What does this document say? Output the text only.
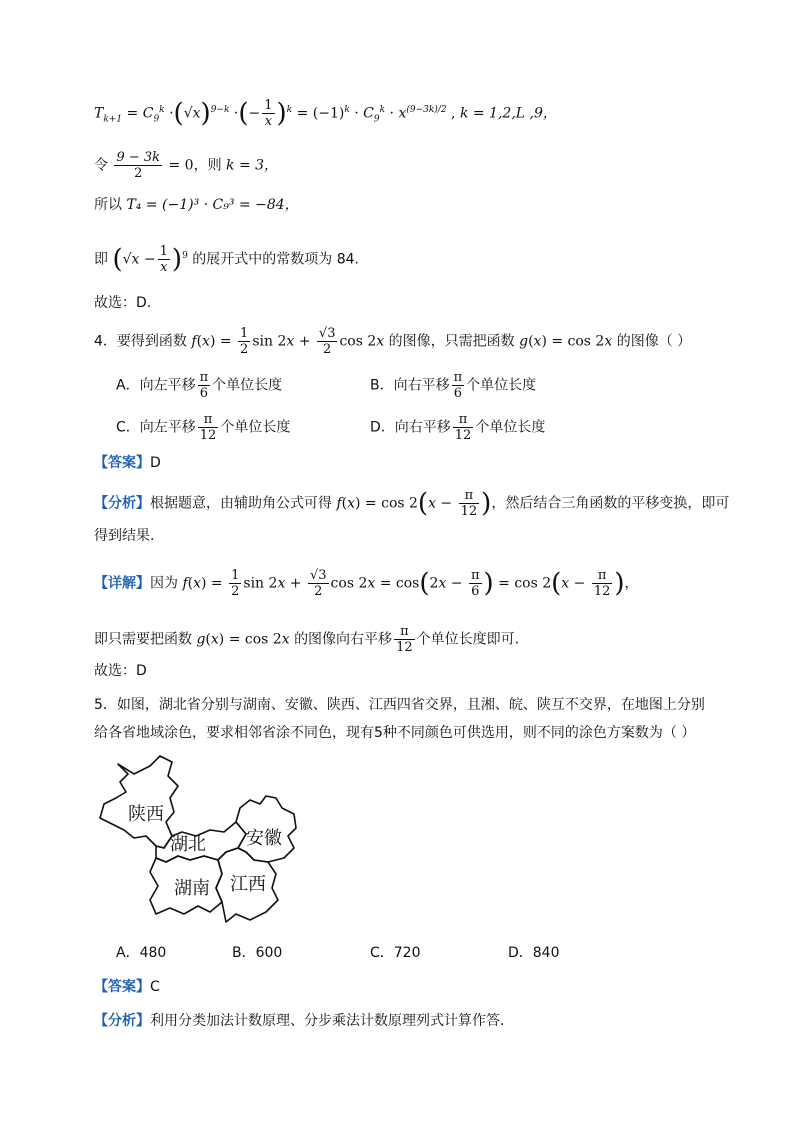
$T_{k+1} = C_9^k \cdot(√x)^{9-k}$ ·(− $\frac{1}{x} )^k = (-1)^k \cdot C_9^k \cdot x^{(9-3k)/2}$ , k = 1,2,L ,9，
令 $\frac{9 - 3k}{2} = 0$，则 k = 3，
所以 T₄ = (−1)³ · C₉³ = −84，
即 $(√x - \frac{1}{x} )^9$ 的展开式中的常数项为 84.
故选：D.
4．要得到函数 $f(x) = \frac{1}{2}$ $\sin 2x + \frac{√3}{2}$ cos 2x 的图像，只需把函数 g(x) = cos 2x 的图像（ ）
A．向左平移 $\frac{\pi}{6}$ 个单位长度	B．向右平移 $\frac{\pi}{6}$ 个单位长度
C．向左平移 $\frac{\pi}{12}$ 个单位长度	D．向右平移 $\frac{\pi}{12}$ 个单位长度
【答案】D
【分析】根据题意，由辅助角公式可得 $f(x) = \cos 2(x - \frac{\pi}{12}$ )，然后结合三角函数的平移变换，即可
得到结果.
【详解】因为 $f(x) = \frac{1}{2}$ $\sin 2x + \frac{√3}{2}$ $\cos 2x = \cos(2x - \frac{\pi}{6}$ ) = $\cos 2(x - \frac{\pi}{12}$ )，
即只需要把函数 g(x) = cos 2x 的图像向右平移 $\frac{\pi}{12}$ 个单位长度即可.
故选：D
5．如图，湖北省分别与湖南、安徽、陕西、江西四省交界，且湘、皖、陕互不交界，在地图上分别
给各省地域涂色，要求相邻省涂不同色，现有5种不同颜色可供选用，则不同的涂色方案数为（ ）
陕西
湖北 安徽
湖南 江西
A．480	B．600	C．720	D．840
【答案】C
【分析】利用分类加法计数原理、分步乘法计数原理列式计算作答.
